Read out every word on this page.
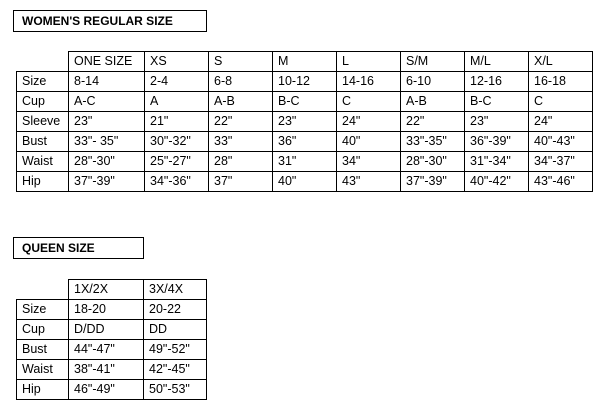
WOMEN'S REGULAR SIZE
	ONE SIZE	XS	S	M	L	S/M	M/L	X/L
Size	8-14	2-4	6-8	10-12	14-16	6-10	12-16	16-18
Cup	A-C	A	A-B	B-C	C	A-B	B-C	C
Sleeve	23"	21"	22"	23"	24"	22"	23"	24"
Bust	33"- 35"	30"-32"	33"	36"	40"	33"-35"	36"-39"	40"-43"
Waist	28"-30"	25"-27"	28"	31"	34"	28"-30"	31"-34"	34"-37"
Hip	37"-39"	34"-36"	37"	40"	43"	37"-39"	40"-42"	43"-46"
QUEEN SIZE
	1X/2X	3X/4X
Size	18-20	20-22
Cup	D/DD	DD
Bust	44"-47"	49"-52"
Waist	38"-41"	42"-45"
Hip	46"-49"	50"-53"
